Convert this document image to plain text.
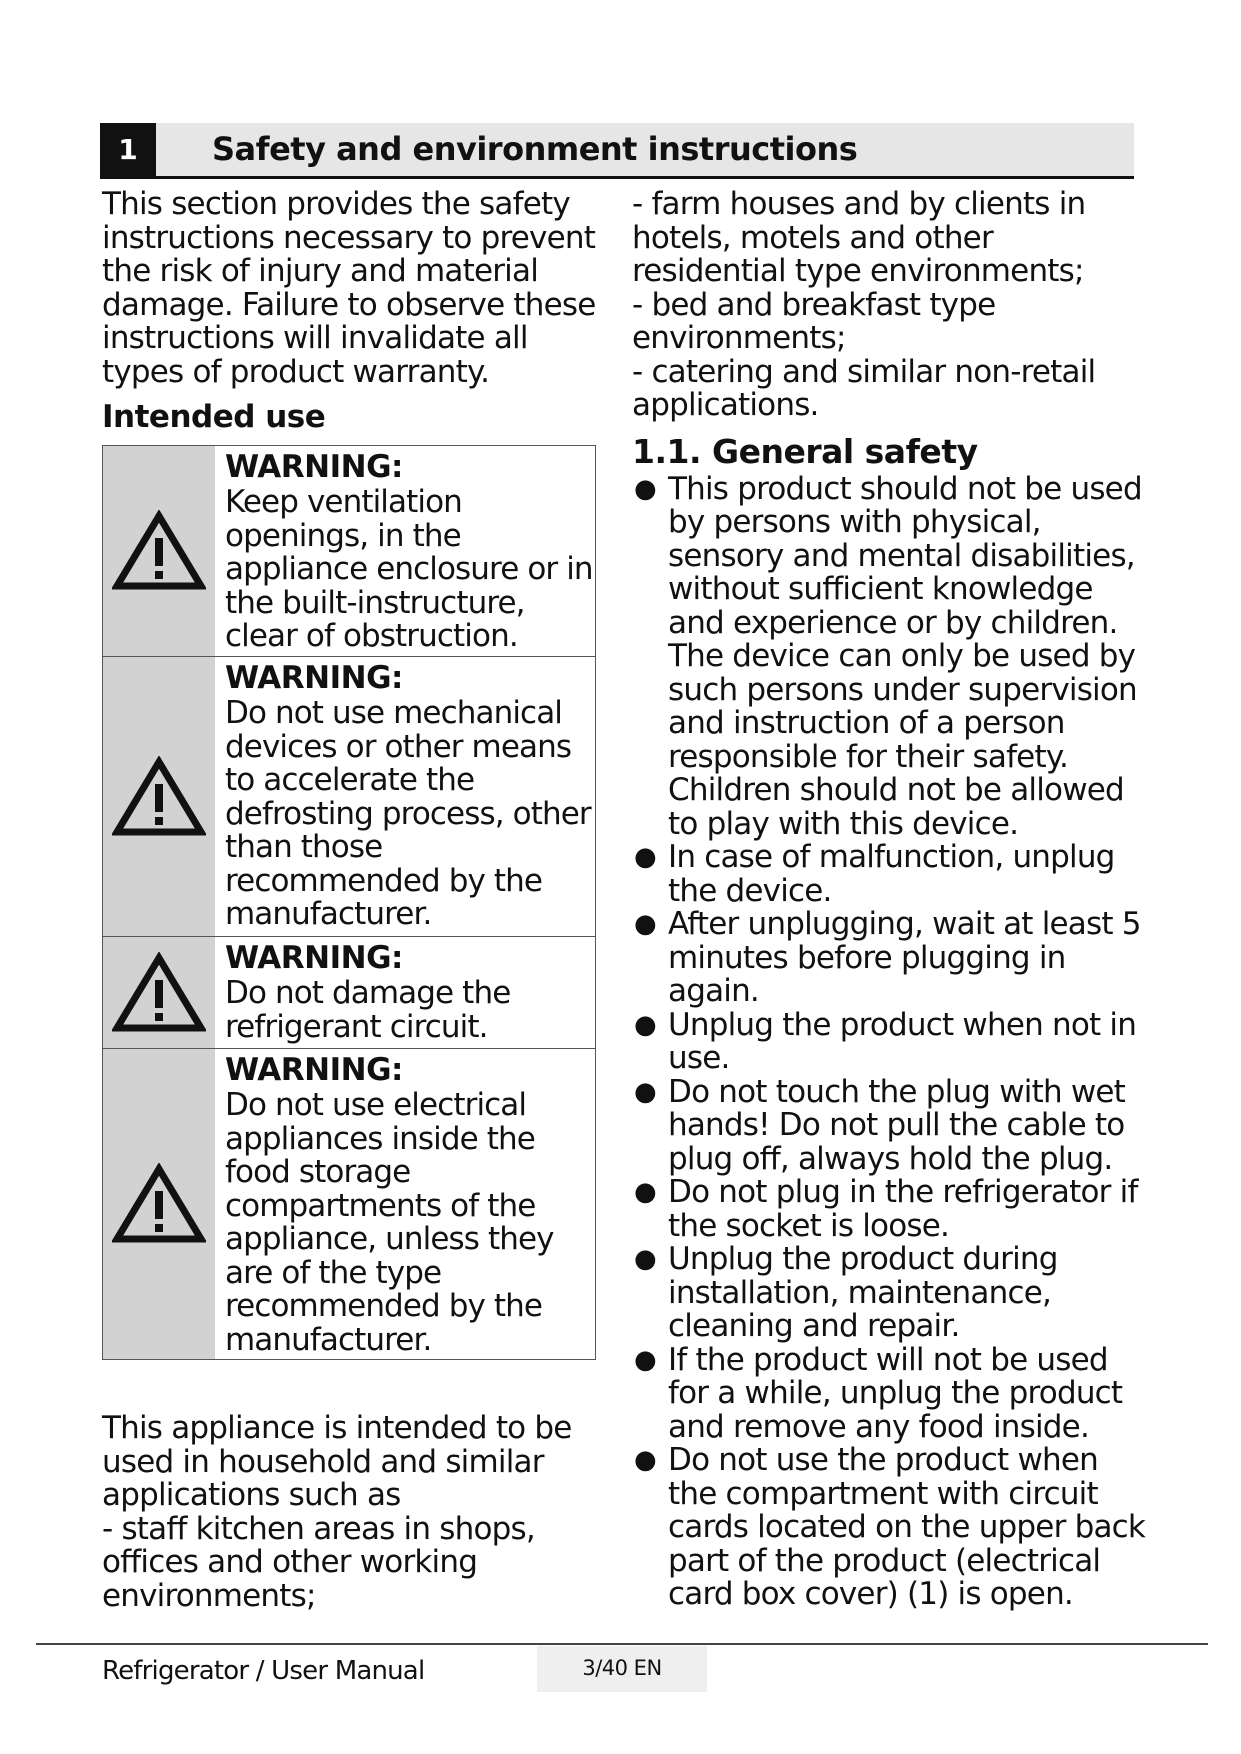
1	Safety and environment instructions

This section provides the safety instructions necessary to prevent the risk of injury and material damage. Failure to observe these instructions will invalidate all types of product warranty.

Intended use
WARNING:
Keep ventilation openings, in the appliance enclosure or in the built-instructure, clear of obstruction.
WARNING:
Do not use mechanical devices or other means to accelerate the defrosting process, other than those recommended by the manufacturer.
WARNING:
Do not damage the refrigerant circuit.
WARNING:
Do not use electrical appliances inside the food storage compartments of the appliance, unless they are of the type recommended by the manufacturer.

This appliance is intended to be used in household and similar applications such as

- staff kitchen areas in shops, offices and other working environments;

- farm houses and by clients in hotels, motels and other residential type environments;

- bed and breakfast type environments;

- catering and similar non-retail applications.

1.1. General safety
● This product should not be used by persons with physical, sensory and mental disabilities, without sufficient knowledge and experience or by children. The device can only be used by such persons under supervision and instruction of a person responsible for their safety. Children should not be allowed to play with this device.
● In case of malfunction, unplug the device.
● After unplugging, wait at least 5 minutes before plugging in again.
● Unplug the product when not in use.
● Do not touch the plug with wet hands! Do not pull the cable to plug off, always hold the plug.
● Do not plug in the refrigerator if the socket is loose.
● Unplug the product during installation, maintenance, cleaning and repair.
● If the product will not be used for a while, unplug the product and remove any food inside.
● Do not use the product when the compartment with circuit cards located on the upper back part of the product (electrical card box cover) (1) is open.
Refrigerator / User Manual	3/40 EN
